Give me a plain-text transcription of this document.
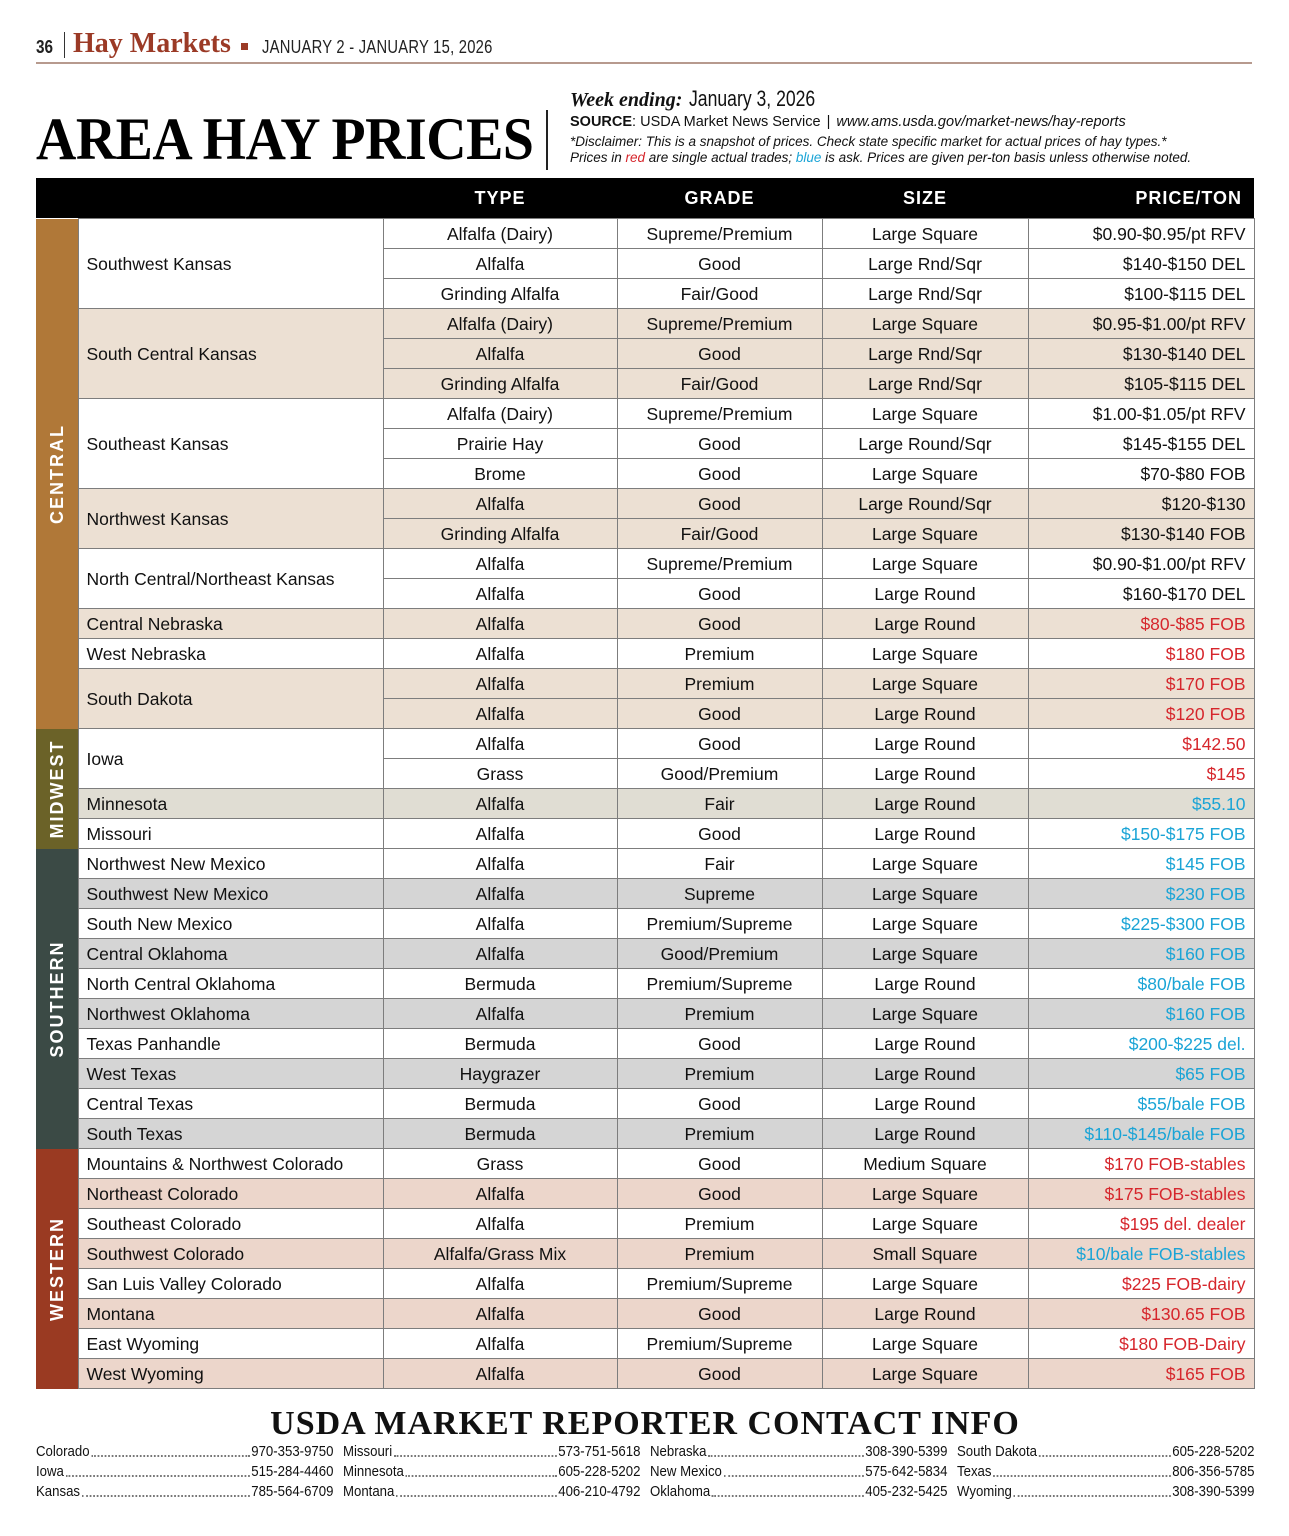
36 Hay Markets JANUARY 2 - JANUARY 15, 2026
AREA HAY PRICES
Week ending: January 3, 2026
SOURCE: USDA Market News Service | www.ams.usda.gov/market-news/hay-reports
*Disclaimer: This is a snapshot of prices. Check state specific market for actual prices of hay types.*
Prices in red are single actual trades; blue is ask. Prices are given per-ton basis unless otherwise noted.
TYPE	GRADE	SIZE	PRICE/TON
CENTRAL	Southwest Kansas	Alfalfa (Dairy)	Supreme/Premium	Large Square	$0.90-$0.95/pt RFV
		Alfalfa	Good	Large Rnd/Sqr	$140-$150 DEL
		Grinding Alfalfa	Fair/Good	Large Rnd/Sqr	$100-$115 DEL
	South Central Kansas	Alfalfa (Dairy)	Supreme/Premium	Large Square	$0.95-$1.00/pt RFV
		Alfalfa	Good	Large Rnd/Sqr	$130-$140 DEL
		Grinding Alfalfa	Fair/Good	Large Rnd/Sqr	$105-$115 DEL
	Southeast Kansas	Alfalfa (Dairy)	Supreme/Premium	Large Square	$1.00-$1.05/pt RFV
		Prairie Hay	Good	Large Round/Sqr	$145-$155 DEL
		Brome	Good	Large Square	$70-$80 FOB
	Northwest Kansas	Alfalfa	Good	Large Round/Sqr	$120-$130
		Grinding Alfalfa	Fair/Good	Large Square	$130-$140 FOB
	North Central/Northeast Kansas	Alfalfa	Supreme/Premium	Large Square	$0.90-$1.00/pt RFV
		Alfalfa	Good	Large Round	$160-$170 DEL
	Central Nebraska	Alfalfa	Good	Large Round	$80-$85 FOB
	West Nebraska	Alfalfa	Premium	Large Square	$180 FOB
	South Dakota	Alfalfa	Premium	Large Square	$170 FOB
		Alfalfa	Good	Large Round	$120 FOB

MIDWEST	Iowa	Alfalfa	Good	Large Round	$142.50
		Grass	Good/Premium	Large Round	$145
	Minnesota	Alfalfa	Fair	Large Round	$55.10
	Missouri	Alfalfa	Good	Large Round	$150-$175 FOB

SOUTHERN	Northwest New Mexico	Alfalfa	Fair	Large Square	$145 FOB
	Southwest New Mexico	Alfalfa	Supreme	Large Square	$230 FOB
	South New Mexico	Alfalfa	Premium/Supreme	Large Square	$225-$300 FOB
	Central Oklahoma	Alfalfa	Good/Premium	Large Square	$160 FOB
	North Central Oklahoma	Bermuda	Premium/Supreme	Large Round	$80/bale FOB
	Northwest Oklahoma	Alfalfa	Premium	Large Square	$160 FOB
	Texas Panhandle	Bermuda	Good	Large Round	$200-$225 del.
	West Texas	Haygrazer	Premium	Large Round	$65 FOB
	Central Texas	Bermuda	Good	Large Round	$55/bale FOB
	South Texas	Bermuda	Premium	Large Round	$110-$145/bale FOB

WESTERN	Mountains & Northwest Colorado	Grass	Good	Medium Square	$170 FOB-stables
	Northeast Colorado	Alfalfa	Good	Large Square	$175 FOB-stables
	Southeast Colorado	Alfalfa	Premium	Large Square	$195 del. dealer
	Southwest Colorado	Alfalfa/Grass Mix	Premium	Small Square	$10/bale FOB-stables
	San Luis Valley Colorado	Alfalfa	Premium/Supreme	Large Square	$225 FOB-dairy
	Montana	Alfalfa	Good	Large Round	$130.65 FOB
	East Wyoming	Alfalfa	Premium/Supreme	Large Square	$180 FOB-Dairy
	West Wyoming	Alfalfa	Good	Large Square	$165 FOB
USDA MARKET REPORTER CONTACT INFO
Colorado	970-353-9750
Iowa	515-284-4460
Kansas	785-564-6709
Missouri	573-751-5618
Minnesota	605-228-5202
Montana	406-210-4792
Nebraska	308-390-5399
New Mexico	575-642-5834
Oklahoma	405-232-5425
South Dakota	605-228-5202
Texas	806-356-5785
Wyoming	308-390-5399
